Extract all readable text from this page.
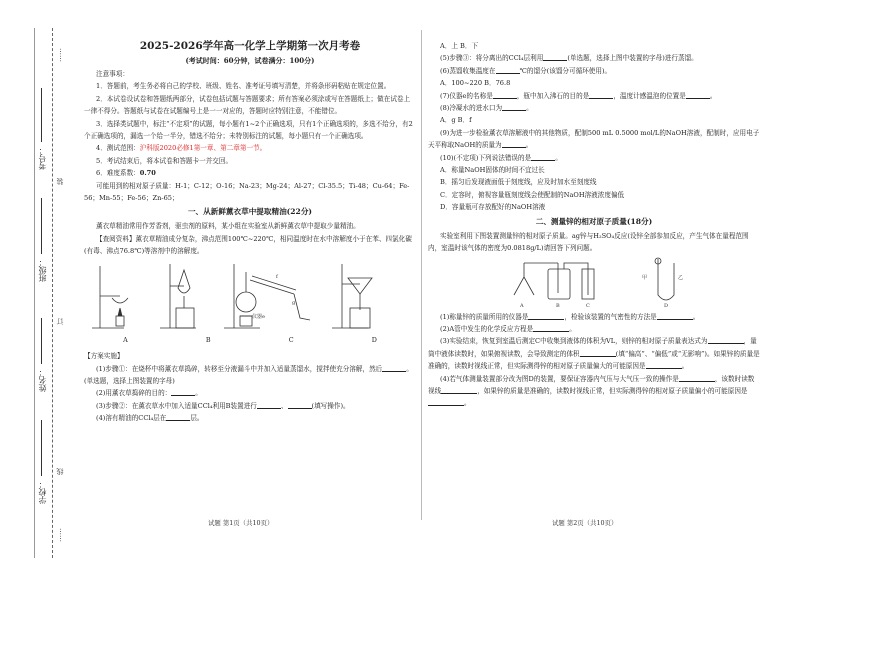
学校：
姓名：
班级：
考号：
装
订
线
……
……

2025-2026学年高一化学上学期第一次月考卷

(考试时间：60分钟，试卷满分：100分)

注意事项：

1．答题前，考生务必将自己的学校、班级、姓名、准考证号填写清楚，并将条形码粘贴在规定位置。

2．本试卷设试卷和答题纸两部分，试卷包括试题与答题要求；所有答案必须涂或写在答题纸上；做在试卷上一律不得分。答题纸与试卷在试题编号上是一一对应的，答题时应特别注意，不能错位。

3．选择类试题中，标注“不定项”的试题，每小题有1~2个正确选项，只有1个正确选项的，多选不给分，有2个正确选项的，漏选一个给一半分，错选不给分；未特别标注的试题，每小题只有一个正确选项。

4．测试范围：沪科版2020必修1第一章、第二章第一节。

5．考试结束后，将本试卷和答题卡一并交回。

6．难度系数：0.70

可能用到的相对原子质量：H-1；C-12；O-16；Na-23；Mg-24；Al-27；Cl-35.5；Ti-48；Cu-64；Fe-56；Mn-55；Fe-56；Zn-65；

一、从新鲜薰衣草中提取精油(22分)

薰衣草精油常用作芳香剂，驱虫剂的原料，某小组在实验室从新鲜薰衣草中提取少量精油。

【查阅资料】薰衣草精油成分复杂，沸点范围100℃~220℃，相同温度时在水中溶解度小于在苯、四氯化碳(有毒、沸点76.8℃)等溶剂中的溶解度。

仪器e
f
g
A	B	C	D

【方案实施】

(1)步骤①：在烧杯中将薰衣草捣碎，转移至分液漏斗中并加入适量蒸馏水，搅拌使充分溶解，然后	。(单选题，选择上图装置的字母)

(2)用薰衣草捣碎的目的：	。

(3)步骤②：在薰衣草水中加入适量CCl₄利用B装置进行	、	(填写操作)。

(4)溶有精油的CCl₄层在	层。

A．上 B．下

(5)步骤③：将分离出的CCl₄层利用	(单选题，选择上图中装置的字母)进行蒸馏。

(6)蒸馏收集温度在	℃的馏分(该馏分可循环使用)。

A．100~220 B．76.8

(7)仪器e的名称是	，瓶中加入沸石的目的是	，温度计感温泡的位置是	。

(8)冷凝水的进水口为	。

A．g B．f

(9)为进一步检验薰衣草溶解液中的其他物质，配制500 mL 0.5000 mol/L的NaOH溶液，配制时，应用电子天平称取NaOH的质量为	。

(10)(不定项)下列说法错误的是	。

A．称量NaOH固体的时间不宜过长

B．摇匀后发现液面低于刻度线，应及时加水至刻度线

C．定容时，俯视容量瓶刻度线会使配制的NaOH溶液浓度偏低

D．容量瓶可存放配好的NaOH溶液

二、测量锌的相对原子质量(18分)

实验室利用下图装置测量锌的相对原子质量。ag锌与H₂SO₄反应(设锌全部参加反应，产生气体在量程范围内，室温时该气体的密度为0.0818g/L)请回答下列问题。

甲	乙
A	B	C	D

(1)称量锌的质量所用的仪器是	，检验该装置的气密性的方法是	。

(2)A管中发生的化学反应方程是	。

(3)实验结束，恢复到室温后测定C中收集到液体的体积为VL，则锌的相对原子质量表达式为	，量筒中液体读数时，如果俯视读数，会导致测定的体积	(填“偏高”、“偏低”或“无影响”)。如果锌的质量是准确的，读数时视线正常，但实际测得锌的相对原子质量偏大的可能原因是	。

(4)若气体测量装置部分改为图D的装置，要保证容器内气压与大气压一致的操作是	，该数时读数视线	，如果锌的质量是准确的，读数时视线正常，但实际测得锌的相对原子质量偏小的可能原因是。

试题 第1页（共10页）	试题 第2页（共10页）
